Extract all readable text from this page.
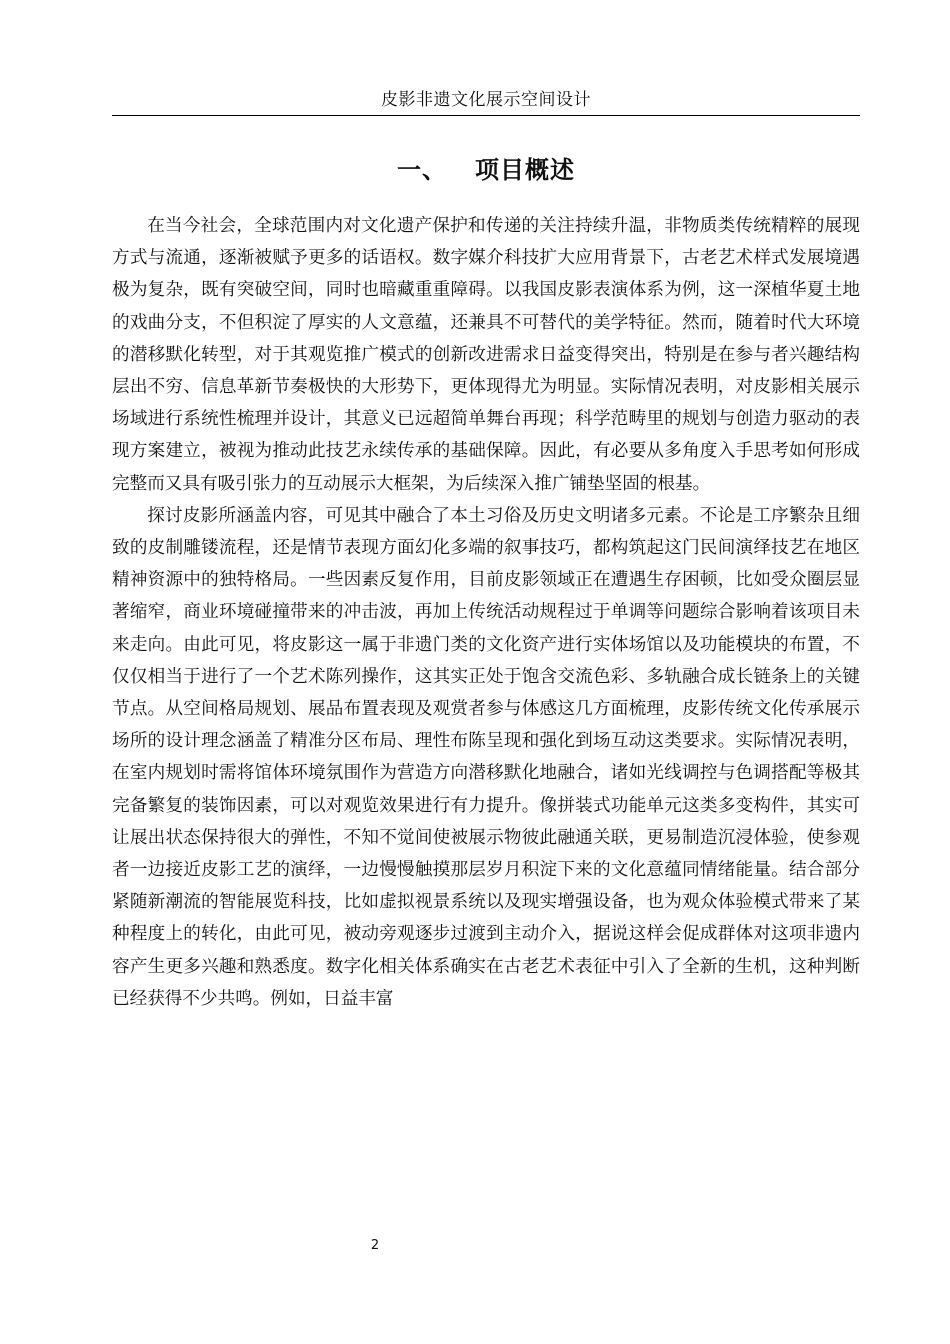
皮影非遗文化展示空间设计
一、 项目概述

在当今社会，全球范围内对文化遗产保护和传递的关注持续升温，非物质类传统精粹的展现方式与流通，逐渐被赋予更多的话语权。数字媒介科技扩大应用背景下，古老艺术样式发展境遇极为复杂，既有突破空间，同时也暗藏重重障碍。以我国皮影表演体系为例，这一深植华夏土地的戏曲分支，不但积淀了厚实的人文意蕴，还兼具不可替代的美学特征。然而，随着时代大环境的潜移默化转型，对于其观览推广模式的创新改进需求日益变得突出，特别是在参与者兴趣结构层出不穷、信息革新节奏极快的大形势下，更体现得尤为明显。实际情况表明，对皮影相关展示场域进行系统性梳理并设计，其意义已远超简单舞台再现；科学范畴里的规划与创造力驱动的表现方案建立，被视为推动此技艺永续传承的基础保障。因此，有必要从多角度入手思考如何形成完整而又具有吸引张力的互动展示大框架，为后续深入推广铺垫坚固的根基。

探讨皮影所涵盖内容，可见其中融合了本土习俗及历史文明诸多元素。不论是工序繁杂且细致的皮制雕镂流程，还是情节表现方面幻化多端的叙事技巧，都构筑起这门民间演绎技艺在地区精神资源中的独特格局。一些因素反复作用，目前皮影领域正在遭遇生存困顿，比如受众圈层显著缩窄，商业环境碰撞带来的冲击波，再加上传统活动规程过于单调等问题综合影响着该项目未来走向。由此可见，将皮影这一属于非遗门类的文化资产进行实体场馆以及功能模块的布置，不仅仅相当于进行了一个艺术陈列操作，这其实正处于饱含交流色彩、多轨融合成长链条上的关键节点。从空间格局规划、展品布置表现及观赏者参与体感这几方面梳理，皮影传统文化传承展示场所的设计理念涵盖了精准分区布局、理性布陈呈现和强化到场互动这类要求。实际情况表明，在室内规划时需将馆体环境氛围作为营造方向潜移默化地融合，诸如光线调控与色调搭配等极其完备繁复的装饰因素，可以对观览效果进行有力提升。像拼装式功能单元这类多变构件，其实可让展出状态保持很大的弹性，不知不觉间使被展示物彼此融通关联，更易制造沉浸体验，使参观者一边接近皮影工艺的演绎，一边慢慢触摸那层岁月积淀下来的文化意蕴同情绪能量。结合部分紧随新潮流的智能展览科技，比如虚拟视景系统以及现实增强设备，也为观众体验模式带来了某种程度上的转化，由此可见，被动旁观逐步过渡到主动介入，据说这样会促成群体对这项非遗内容产生更多兴趣和熟悉度。数字化相关体系确实在古老艺术表征中引入了全新的生机，这种判断已经获得不少共鸣。例如，日益丰富

2
